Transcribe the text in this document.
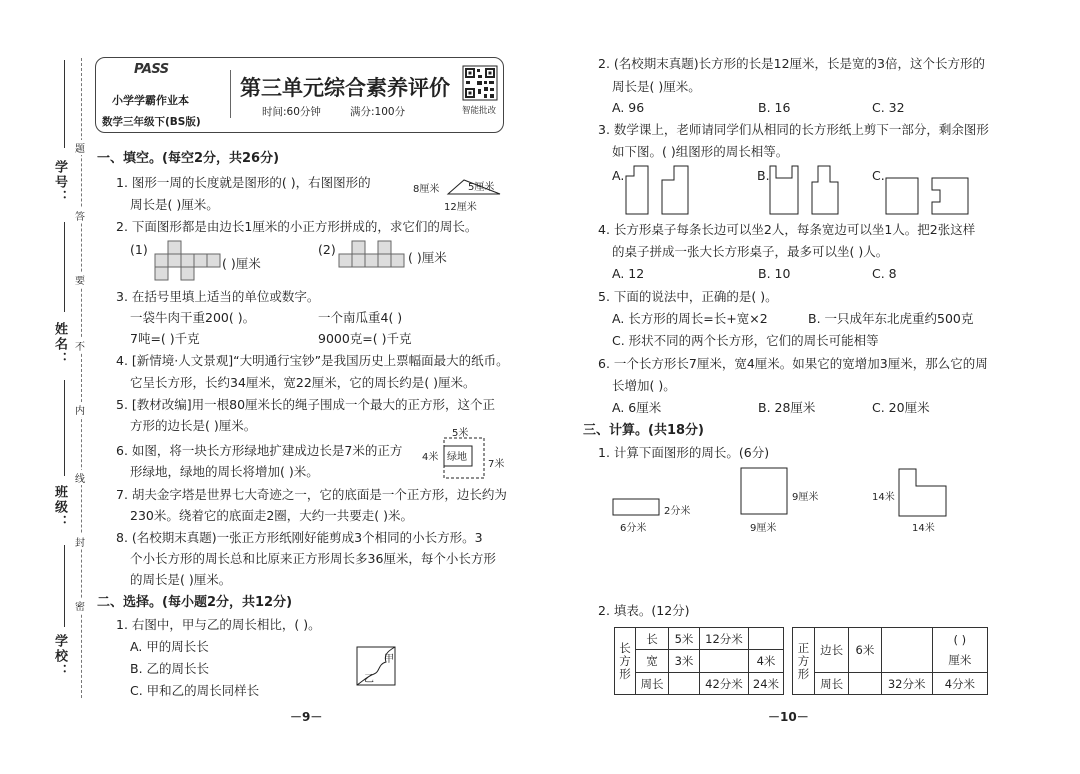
学号：
姓名：
班级：
学校：
题
答
要
不
内
线
封
密
PASS
小学学霸作业本
数学三年级下(BS版)
第三单元综合素养评价
时间:60分钟	满分:100分	智能批改
一、填空。(每空2分，共26分)
1. 图形一周的长度就是图形的( )，右图图形的
周长是( )厘米。
8厘米	5厘米
12厘米
2. 下面图形都是由边长1厘米的小正方形拼成的，求它们的周长。
(1)
( )厘米
(2)
( )厘米
3. 在括号里填上适当的单位或数字。
一袋牛肉干重200( )。	一个南瓜重4( )
7吨=( )千克	9000克=( )千克
4. [新情境·人文景观]“大明通行宝钞”是我国历史上票幅面最大的纸币。
它呈长方形，长约34厘米，宽22厘米，它的周长约是( )厘米。
5. [教材改编]用一根80厘米长的绳子围成一个最大的正方形，这个正
方形的边长是( )厘米。
6. 如图，将一块长方形绿地扩建成边长是7米的正方
形绿地，绿地的周长将增加( )米。
5米
4米
7米
绿地
7. 胡夫金字塔是世界七大奇迹之一，它的底面是一个正方形，边长约为
230米。绕着它的底面走2圈，大约一共要走( )米。
8. (名校期末真题)一张正方形纸刚好能剪成3个相同的小长方形。3
个小长方形的周长总和比原来正方形周长多36厘米，每个小长方形
的周长是( )厘米。
二、选择。(每小题2分，共12分)
1. 右图中，甲与乙的周长相比，( )。
A. 甲的周长长
B. 乙的周长长
C. 甲和乙的周长同样长
甲
乙
－9－
2. (名校期末真题)长方形的长是12厘米，长是宽的3倍，这个长方形的
周长是( )厘米。
A. 96	B. 16	C. 32
3. 数学课上，老师请同学们从相同的长方形纸上剪下一部分，剩余图形
如下图。( )组图形的周长相等。
A.	B.	C.
4. 长方形桌子每条长边可以坐2人，每条宽边可以坐1人。把2张这样
的桌子拼成一张大长方形桌子，最多可以坐( )人。
A. 12	B. 10	C. 8
5. 下面的说法中，正确的是( )。
A. 长方形的周长=长+宽×2	B. 一只成年东北虎重约500克
C. 形状不同的两个长方形，它们的周长可能相等
6. 一个长方形长7厘米，宽4厘米。如果它的宽增加3厘米，那么它的周
长增加( )。
A. 6厘米	B. 28厘米	C. 20厘米
三、计算。(共18分)
1. 计算下面图形的周长。(6分)
6分米
2分米
9厘米
9厘米
14米
14米
2. 填表。(12分)
长
方
形	长	5米	12分米	
	宽	3米		4米
	周长		42分米	24米
正
方
形	边长	6米		( )
厘米
	周长		32分米	4分米
－10－
